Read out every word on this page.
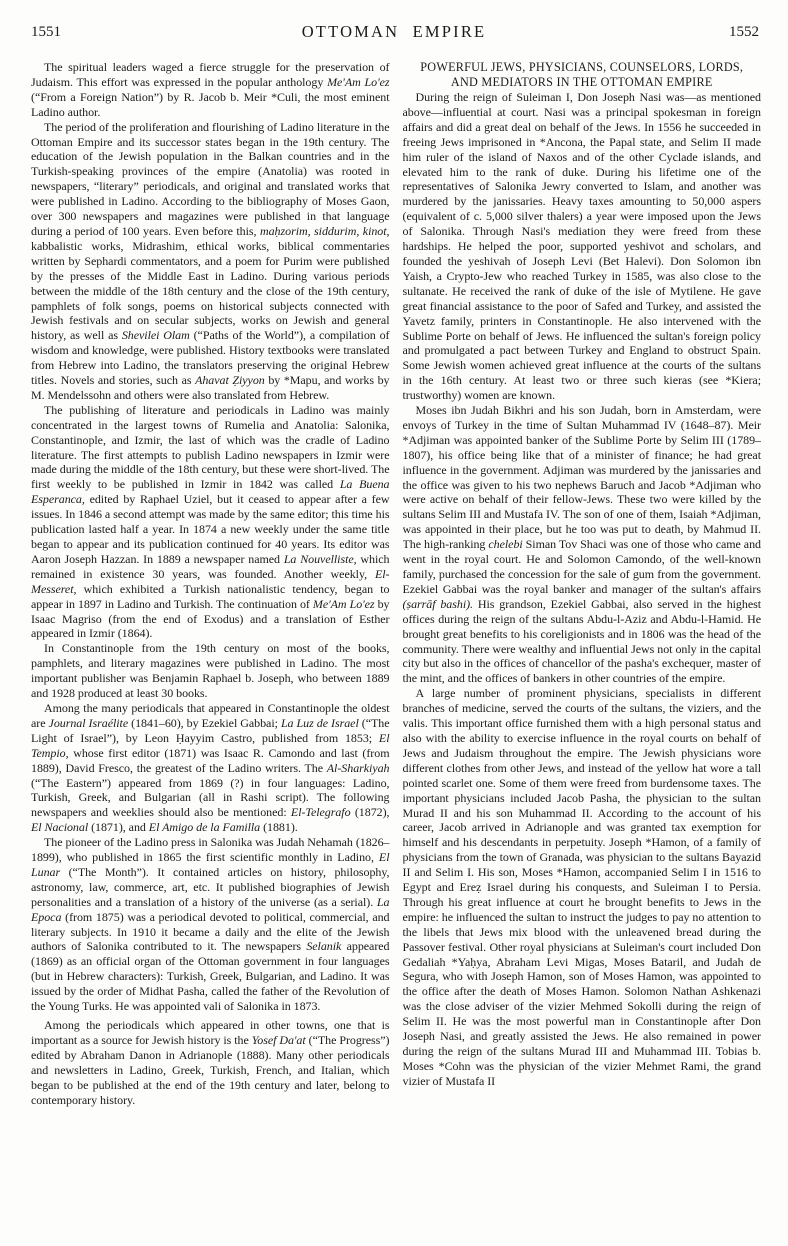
1551	OTTOMAN EMPIRE	1552

The spiritual leaders waged a fierce struggle for the preservation of Judaism. This effort was expressed in the popular anthology Me'Am Lo'ez (“From a Foreign Nation”) by R. Jacob b. Meir *Culi, the most eminent Ladino author.

The period of the proliferation and flourishing of Ladino literature in the Ottoman Empire and its successor states began in the 19th century. The education of the Jewish population in the Balkan countries and in the Turkish-speaking provinces of the empire (Anatolia) was rooted in newspapers, “literary” periodicals, and original and translated works that were published in Ladino. According to the bibliography of Moses Gaon, over 300 newspapers and magazines were published in that language during a period of 100 years. Even before this, maḥzorim, siddurim, kinot, kabbalistic works, Midrashim, ethical works, biblical commentaries written by Sephardi commentators, and a poem for Purim were published by the presses of the Middle East in Ladino. During various periods between the middle of the 18th century and the close of the 19th century, pamphlets of folk songs, poems on historical subjects connected with Jewish festivals and on secular subjects, works on Jewish and general history, as well as Shevilei Olam (“Paths of the World”), a compilation of wisdom and knowledge, were published. History textbooks were translated from Hebrew into Ladino, the translators preserving the original Hebrew titles. Novels and stories, such as Ahavat Ẓiyyon by *Mapu, and works by M. Mendelssohn and others were also translated from Hebrew.

The publishing of literature and periodicals in Ladino was mainly concentrated in the largest towns of Rumelia and Anatolia: Salonika, Constantinople, and Izmir, the last of which was the cradle of Ladino literature. The first attempts to publish Ladino newspapers in Izmir were made during the middle of the 18th century, but these were short-lived. The first weekly to be published in Izmir in 1842 was called La Buena Esperanca, edited by Raphael Uziel, but it ceased to appear after a few issues. In 1846 a second attempt was made by the same editor; this time his publication lasted half a year. In 1874 a new weekly under the same title began to appear and its publication continued for 40 years. Its editor was Aaron Joseph Hazzan. In 1889 a newspaper named La Nouvelliste, which remained in existence 30 years, was founded. Another weekly, El-Messeret, which exhibited a Turkish nationalistic tendency, began to appear in 1897 in Ladino and Turkish. The continuation of Me'Am Lo'ez by Isaac Magriso (from the end of Exodus) and a translation of Esther appeared in Izmir (1864).

In Constantinople from the 19th century on most of the books, pamphlets, and literary magazines were published in Ladino. The most important publisher was Benjamin Raphael b. Joseph, who between 1889 and 1928 produced at least 30 books.

Among the many periodicals that appeared in Constantinople the oldest are Journal Israélite (1841–60), by Ezekiel Gabbai; La Luz de Israel (“The Light of Israel”), by Leon Ḥayyim Castro, published from 1853; El Tempio, whose first editor (1871) was Isaac R. Camondo and last (from 1889), David Fresco, the greatest of the Ladino writers. The Al-Sharkiyah (“The Eastern”) appeared from 1869 (?) in four languages: Ladino, Turkish, Greek, and Bulgarian (all in Rashi script). The following newspapers and weeklies should also be mentioned: El-Telegrafo (1872), El Nacional (1871), and El Amigo de la Familla (1881).

The pioneer of the Ladino press in Salonika was Judah Nehamah (1826–1899), who published in 1865 the first scientific monthly in Ladino, El Lunar (“The Month”). It contained articles on history, philosophy, astronomy, law, commerce, art, etc. It published biographies of Jewish personalities and a translation of a history of the universe (as a serial). La Epoca (from 1875) was a periodical devoted to political, commercial, and literary subjects. In 1910 it became a daily and the elite of the Jewish authors of Salonika contributed to it. The newspapers Selanik appeared (1869) as an official organ of the Ottoman government in four languages (but in Hebrew characters): Turkish, Greek, Bulgarian, and Ladino. It was issued by the order of Midhat Pasha, called the father of the Revolution of the Young Turks. He was appointed vali of Salonika in 1873.

Among the periodicals which appeared in other towns, one that is important as a source for Jewish history is the Yosef Da'at (“The Progress”) edited by Abraham Danon in Adrianople (1888). Many other periodicals and newsletters in Ladino, Greek, Turkish, French, and Italian, which began to be published at the end of the 19th century and later, belong to contemporary history.

POWERFUL JEWS, PHYSICIANS, COUNSELORS, LORDS,
AND MEDIATORS IN THE OTTOMAN EMPIRE

During the reign of Suleiman I, Don Joseph Nasi was—as mentioned above—influential at court. Nasi was a principal spokesman in foreign affairs and did a great deal on behalf of the Jews. In 1556 he succeeded in freeing Jews imprisoned in *Ancona, the Papal state, and Selim II made him ruler of the island of Naxos and of the other Cyclade islands, and elevated him to the rank of duke. During his lifetime one of the representatives of Salonika Jewry converted to Islam, and another was murdered by the janissaries. Heavy taxes amounting to 50,000 aspers (equivalent of c. 5,000 silver thalers) a year were imposed upon the Jews of Salonika. Through Nasi's mediation they were freed from these hardships. He helped the poor, supported yeshivot and scholars, and founded the yeshivah of Joseph Levi (Bet Halevi). Don Solomon ibn Yaish, a Crypto-Jew who reached Turkey in 1585, was also close to the sultanate. He received the rank of duke of the isle of Mytilene. He gave great financial assistance to the poor of Safed and Turkey, and assisted the Yavetz family, printers in Constantinople. He also intervened with the Sublime Porte on behalf of Jews. He influenced the sultan's foreign policy and promulgated a pact between Turkey and England to obstruct Spain. Some Jewish women achieved great influence at the courts of the sultans in the 16th century. At least two or three such kieras (see *Kiera; trustworthy) women are known.

Moses ibn Judah Bikhri and his son Judah, born in Amsterdam, were envoys of Turkey in the time of Sultan Muhammad IV (1648–87). Meir *Adjiman was appointed banker of the Sublime Porte by Selim III (1789–1807), his office being like that of a minister of finance; he had great influence in the government. Adjiman was murdered by the janissaries and the office was given to his two nephews Baruch and Jacob *Adjiman who were active on behalf of their fellow-Jews. These two were killed by the sultans Selim III and Mustafa IV. The son of one of them, Isaiah *Adjiman, was appointed in their place, but he too was put to death, by Mahmud II. The high-ranking chelebi Siman Tov Shaci was one of those who came and went in the royal court. He and Solomon Camondo, of the well-known family, purchased the concession for the sale of gum from the government. Ezekiel Gabbai was the royal banker and manager of the sultan's affairs (ṣarrāf bashi). His grandson, Ezekiel Gabbai, also served in the highest offices during the reign of the sultans Abdu-l-Aziz and Abdu-l-Hamid. He brought great benefits to his coreligionists and in 1806 was the head of the community. There were wealthy and influential Jews not only in the capital city but also in the offices of chancellor of the pasha's exchequer, master of the mint, and the offices of bankers in other countries of the empire.

A large number of prominent physicians, specialists in different branches of medicine, served the courts of the sultans, the viziers, and the valis. This important office furnished them with a high personal status and also with the ability to exercise influence in the royal courts on behalf of Jews and Judaism throughout the empire. The Jewish physicians wore different clothes from other Jews, and instead of the yellow hat wore a tall pointed scarlet one. Some of them were freed from burdensome taxes. The important physicians included Jacob Pasha, the physician to the sultan Murad II and his son Muhammad II. According to the account of his career, Jacob arrived in Adrianople and was granted tax exemption for himself and his descendants in perpetuity. Joseph *Hamon, of a family of physicians from the town of Granada, was physician to the sultans Bayazid II and Selim I. His son, Moses *Hamon, accompanied Selim I in 1516 to Egypt and Ereẓ Israel during his conquests, and Suleiman I to Persia. Through his great influence at court he brought benefits to Jews in the empire: he influenced the sultan to instruct the judges to pay no attention to the libels that Jews mix blood with the unleavened bread during the Passover festival. Other royal physicians at Suleiman's court included Don Gedaliah *Yaḥya, Abraham Levi Migas, Moses Bataril, and Judah de Segura, who with Joseph Hamon, son of Moses Hamon, was appointed to the office after the death of Moses Hamon. Solomon Nathan Ashkenazi was the close adviser of the vizier Mehmed Sokolli during the reign of Selim II. He was the most powerful man in Constantinople after Don Joseph Nasi, and greatly assisted the Jews. He also remained in power during the reign of the sultans Murad III and Muhammad III. Tobias b. Moses *Cohn was the physician of the vizier Mehmet Rami, the grand vizier of Mustafa II
